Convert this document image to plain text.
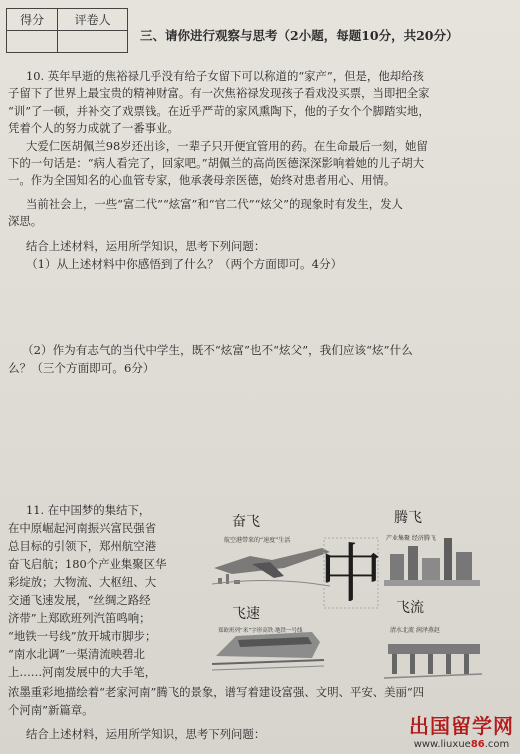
得分	评卷人

三、请你进行观察与思考（2小题，每题10分，共20分）
10. 英年早逝的焦裕禄几乎没有给子女留下可以称道的“家产”，但是，他却给孩
子留下了世界上最宝贵的精神财富。有一次焦裕禄发现孩子看戏没买票，当即把全家
“训”了一顿，并补交了戏票钱。在近乎严苛的家风熏陶下，他的子女个个脚踏实地，
凭着个人的努力成就了一番事业。
大爱仁医胡佩兰98岁还出诊，一辈子只开便宜管用的药。在生命最后一刻，她留
下的一句话是：“病人看完了，回家吧。”胡佩兰的高尚医德深深影响着她的儿子胡大
一。作为全国知名的心血管专家，他承袭母亲医德，始终对患者用心、用情。
当前社会上，一些“富二代”“炫富”和“官二代”“炫父”的现象时有发生，发人
深思。
结合上述材料，运用所学知识，思考下列问题：
（1）从上述材料中你感悟到了什么？（两个方面即可。4分）
（2）作为有志气的当代中学生，既不“炫富”也不“炫父”，我们应该“炫”什么
么？（三个方面即可。6分）
11. 在中国梦的集结下，
在中原崛起河南振兴富民强省
总目标的引领下，郑州航空港
奋飞启航；180个产业集聚区华
彩绽放；大物流、大枢纽、大
交通飞速发展，“丝绸之路经
济带”上郑欧班列汽笛鸣响；
“地铁一号线”放开城市脚步；
“南水北调”一渠清流映碧北
上……河南发展中的大手笔，
浓墨重彩地描绘着“老家河南”腾飞的景象，谱写着建设富强、文明、平安、美丽“四
个河南”新篇章。
结合上述材料，运用所学知识，思考下列问题：
奋飞
航空港带来的“速度”生活
腾飞
产业集聚 经济腾飞
中
飞速
郑欧班列“米”字形高铁·地铁一号线
飞流
清水北流 润泽燕赵
出国留学网
www.liuxue86.com
